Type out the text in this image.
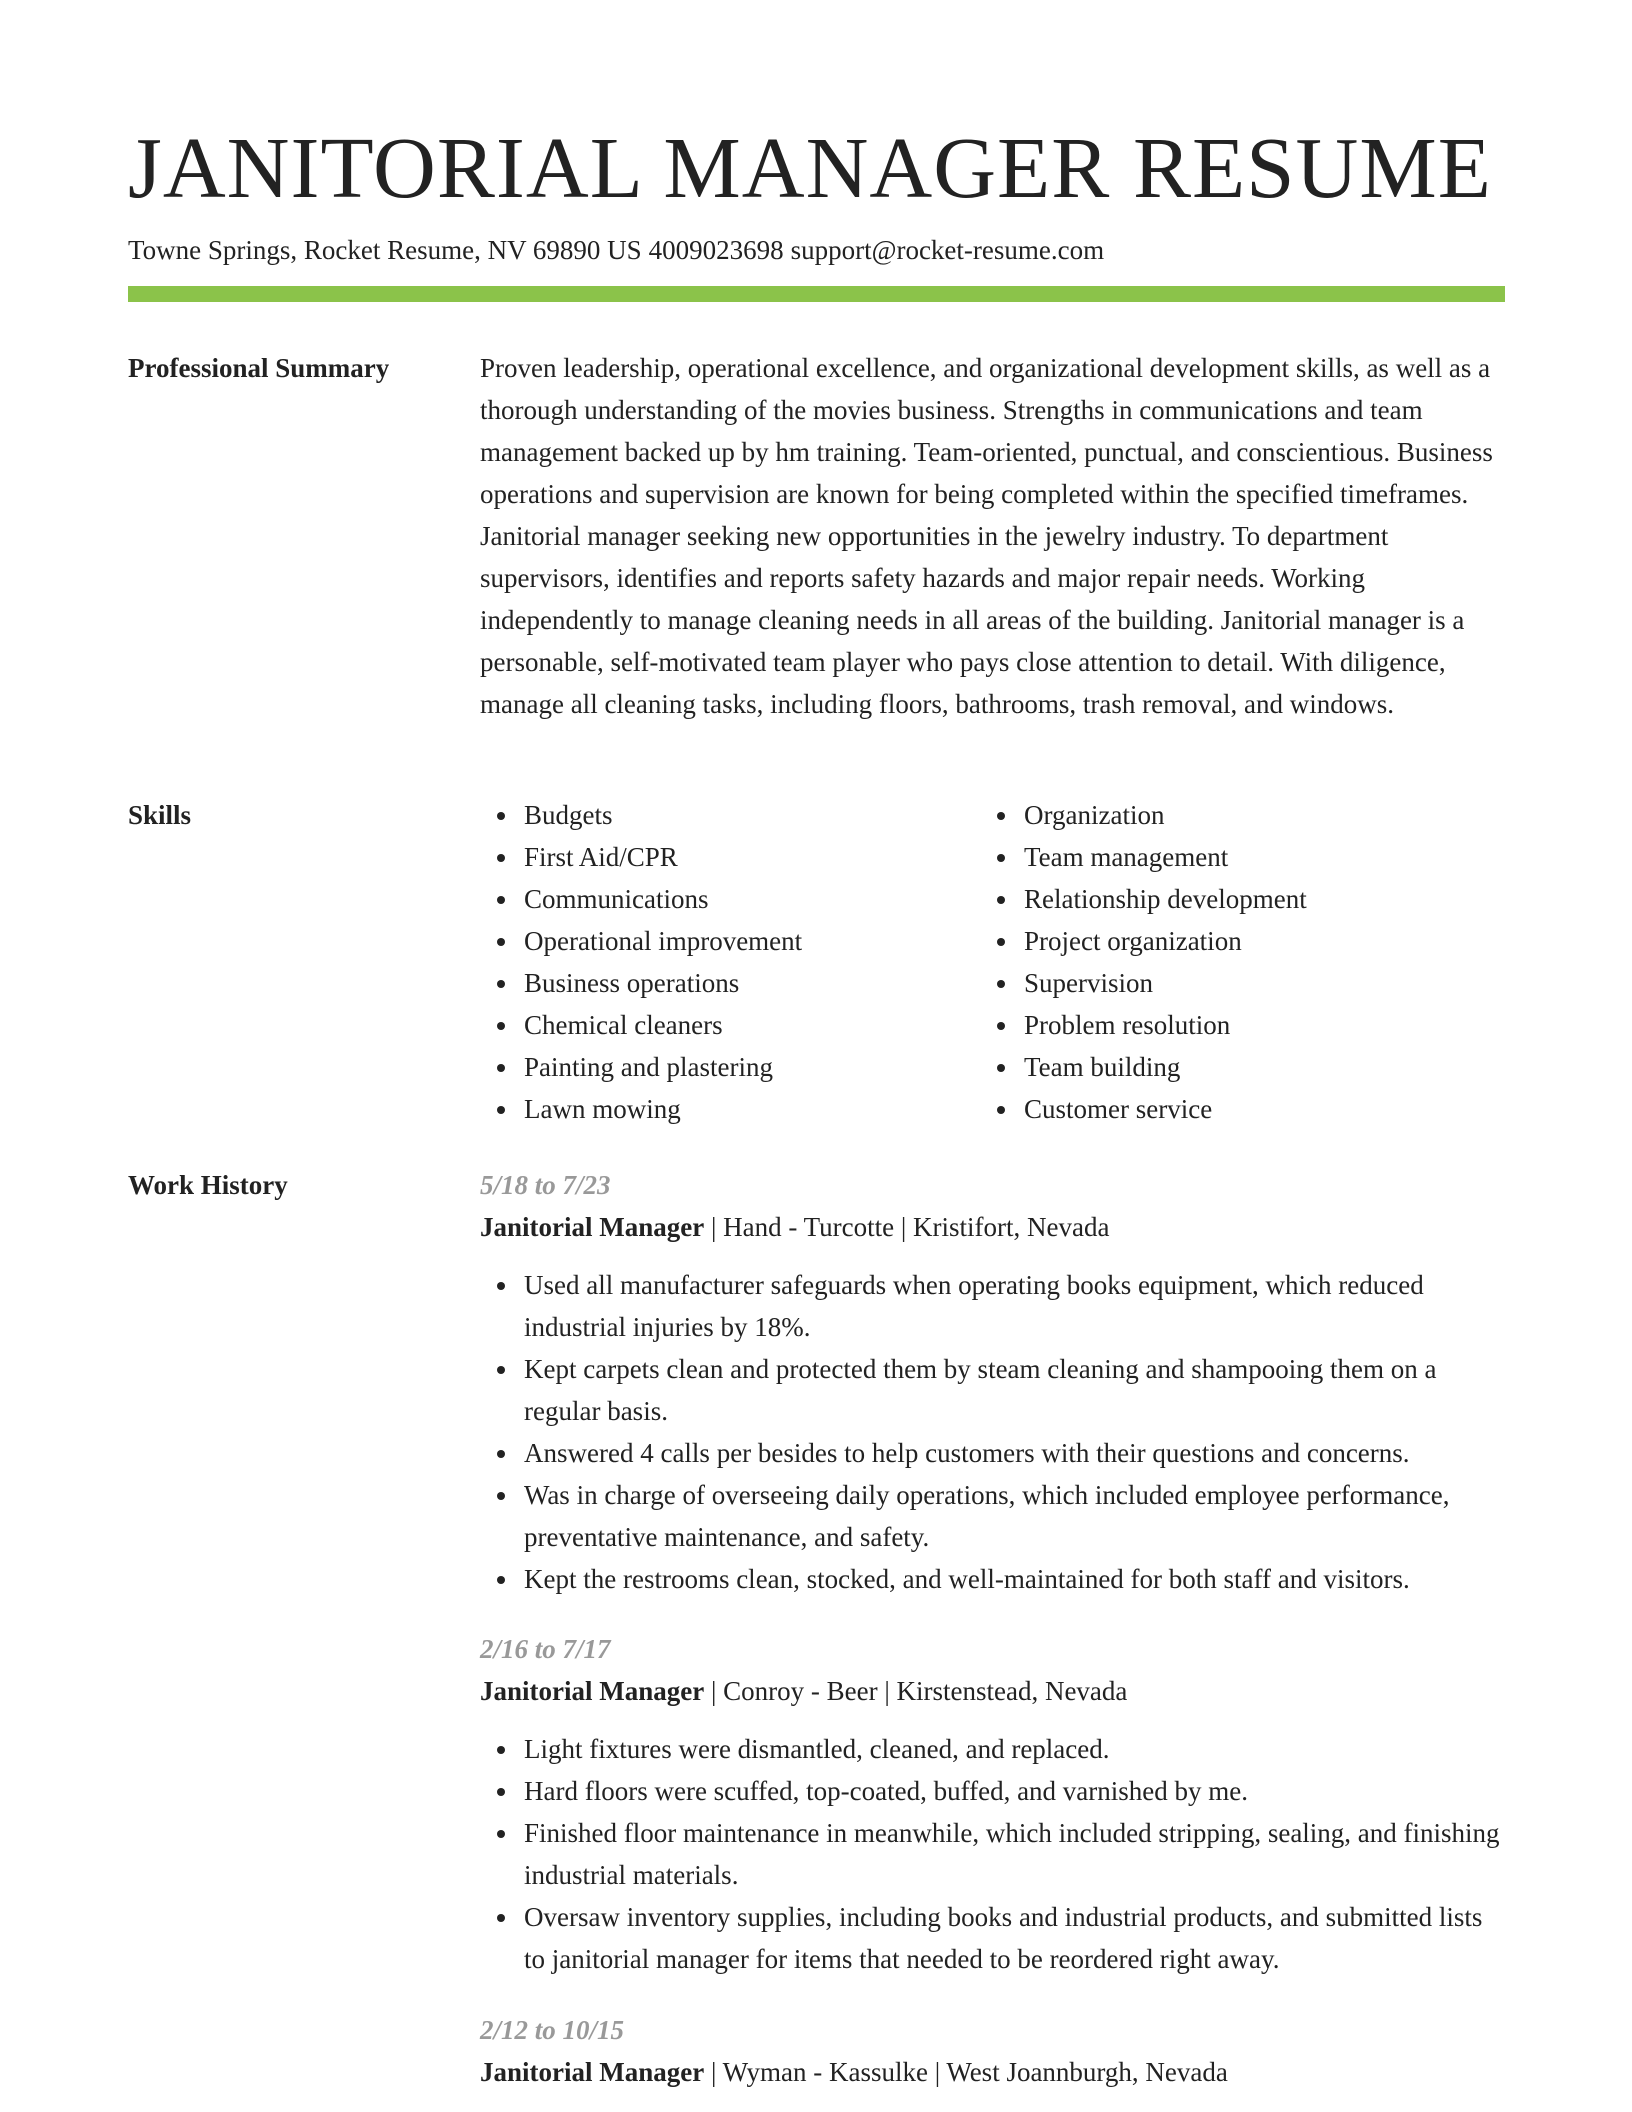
JANITORIAL MANAGER RESUME
Towne Springs, Rocket Resume, NV 69890 US 4009023698 support@rocket-resume.com
Professional Summary	Proven leadership, operational excellence, and organizational development skills, as well as a thorough understanding of the movies business. Strengths in communications and team management backed up by hm training. Team-oriented, punctual, and conscientious. Business operations and supervision are known for being completed within the specified timeframes. Janitorial manager seeking new opportunities in the jewelry industry. To department supervisors, identifies and reports safety hazards and major repair needs. Working independently to manage cleaning needs in all areas of the building. Janitorial manager is a personable, self-motivated team player who pays close attention to detail. With diligence, manage all cleaning tasks, including floors, bathrooms, trash removal, and windows.

Skills	Budgets
First Aid/CPR
Communications
Operational improvement
Business operations
Chemical cleaners
Painting and plastering
Lawn mowing
Organization
Team management
Relationship development
Project organization
Supervision
Problem resolution
Team building
Customer service
Work History	5/18 to 7/23
Janitorial Manager | Hand - Turcotte | Kristifort, Nevada
Used all manufacturer safeguards when operating books equipment, which reduced industrial injuries by 18%.
Kept carpets clean and protected them by steam cleaning and shampooing them on a regular basis.
Answered 4 calls per besides to help customers with their questions and concerns.
Was in charge of overseeing daily operations, which included employee performance, preventative maintenance, and safety.
Kept the restrooms clean, stocked, and well-maintained for both staff and visitors.
2/16 to 7/17
Janitorial Manager | Conroy - Beer | Kirstenstead, Nevada
Light fixtures were dismantled, cleaned, and replaced.
Hard floors were scuffed, top-coated, buffed, and varnished by me.
Finished floor maintenance in meanwhile, which included stripping, sealing, and finishing industrial materials.
Oversaw inventory supplies, including books and industrial products, and submitted lists to janitorial manager for items that needed to be reordered right away.
2/12 to 10/15
Janitorial Manager | Wyman - Kassulke | West Joannburgh, Nevada
